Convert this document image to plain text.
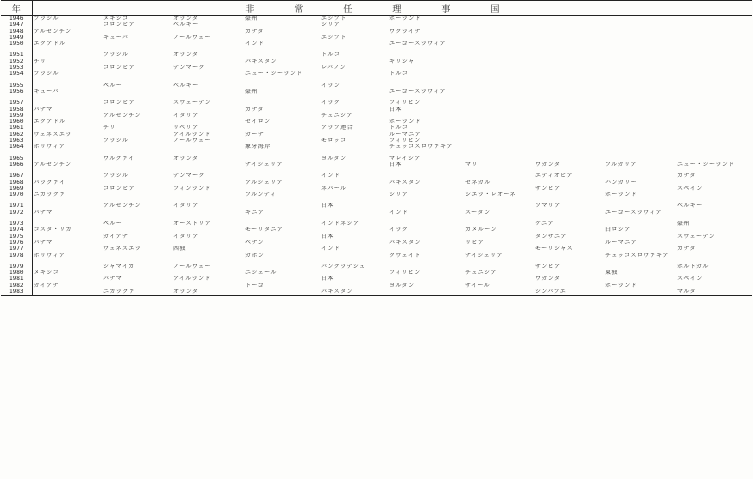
年	非常任理事国									
1946	ブラジル	メキシコ	オランダ	豪州	エジプト	ポーランド				
1947		コロンビア	ベルギー		シリア					
1948	アルゼンチン			カナダ		ウクライナ				
1949		キューバ	ノールウェー		エジプト					
1950	エクアドル			インド		ユーゴースラヴィア				

1951		ブラジル	オランダ		トルコ					
1952	チリ			パキスタン		ギリシャ				
1953		コロンビア	デンマーク		レバノン					
1954	ブラジル			ニュー・ジーランド		トルコ				

1955		ペルー	ベルギー		イラン					
1956	キューバ			豪州		ユーゴースラヴィア				

1957		コロンビア	スウェーデン		イラク	フィリピン				
1958	パナマ			カナダ		日本				
1959		アルゼンチン	イタリア		チュニジア					
1960	エクアドル			セイロン		ポーランド				
1961		チリ	リベリア		アラブ連合	トルコ				
1962	ヴェネズエラ		アイルランド	ガーナ		ルーマニア				
1963		ブラジル	ノールウェー		モロッコ	フィリピン				
1964	ボリヴィア			象牙海岸		チェッコスロヴァキア				

1965		ウルグァイ	オランダ		ヨルダン	マレイシア				
1966	アルゼンチン			ナイジェリア		日本	マリ	ウガンダ	ブルガリア	ニュー・ジーランド

1967		ブラジル	デンマーク		インド			エティオピア		カナダ
1968	パラグァイ			アルジェリア		パキスタン	セネガル		ハンガリー	
1969		コロンビア	フィンランド		ネパール			ザンビア		スペイン
1970	ニカラグァ			ブルンディ		シリア	シエラ・レオーネ		ポーランド	

1971		アルゼンチン	イタリア		日本			ソマリア		ベルギー
1972	パナマ			ギニア		インド	スーダン		ユーゴースラヴィア	

1973		ペルー	オーストリア		インドネシア			ケニア		豪州
1974	コスタ・リカ			モーリタニア		イラク	カメルーン		白ロシア	
1975		ガイアナ	イタリア		日本			タンザニア		スウェーデン
1976	パナマ			ベナン		パキスタン	リビア		ルーマニア	
1977		ヴェネズエラ	西独		インド			モーリシャス		カナダ
1978	ボリヴィア			ガボン		クウェイト	ナイジェリア		チェッコスロヴァキア	

1979		ジャマイカ	ノールウェー		バングラデシュ			ザンビア		ポルトガル
1980	メキシコ			ニジェール		フィリピン	チュニジア		東独	
1981		パナマ	アイルランド		日本			ウガンダ		スペイン
1982	ガイアナ			トーゴ		ヨルダン	ザイール		ポーランド	
1983		ニカラグァ	オランダ		パキスタン			ジンバブエ		マルタ
